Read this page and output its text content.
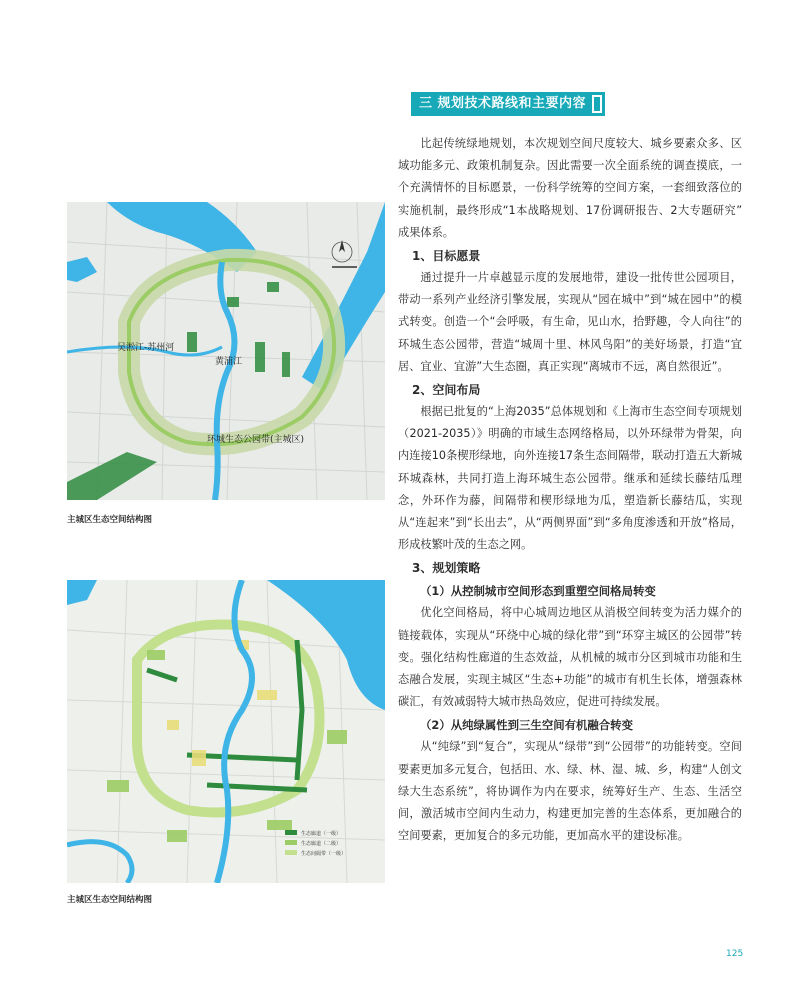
吴淞江-苏州河
黄浦江
环城生态公园带(主城区)
主城区生态空间结构图
生态廊道（一级）
生态廊道（二级）
生态间隔带（一级）
主城区生态空间结构图
三 规划技术路线和主要内容

比起传统绿地规划，本次规划空间尺度较大、城乡要素众多、区域功能多元、政策机制复杂。因此需要一次全面系统的调查摸底，一个充满情怀的目标愿景，一份科学统筹的空间方案，一套细致落位的实施机制，最终形成“1本战略规划、17份调研报告、2大专题研究” 成果体系。

1、目标愿景

通过提升一片卓越显示度的发展地带，建设一批传世公园项目，带动一系列产业经济引擎发展，实现从“园在城中”到“城在园中”的模式转变。创造一个“会呼吸，有生命，见山水，拾野趣，令人向往”的环城生态公园带，营造“城周十里、林风鸟阳”的美好场景，打造“宜居、宜业、宜游”大生态圈，真正实现“离城市不远，离自然很近”。

2、空间布局

根据已批复的“上海2035”总体规划和《上海市生态空间专项规划（2021-2035）》明确的市域生态网络格局，以外环绿带为骨架，向内连接10条楔形绿地，向外连接17条生态间隔带，联动打造五大新城环城森林，共同打造上海环城生态公园带。继承和延续长藤结瓜理念，外环作为藤，间隔带和楔形绿地为瓜，塑造新长藤结瓜，实现从“连起来”到“长出去”，从“两侧界面”到“多角度渗透和开放”格局，形成枝繁叶茂的生态之网。

3、规划策略
（1）从控制城市空间形态到重塑空间格局转变

优化空间格局，将中心城周边地区从消极空间转变为活力媒介的链接载体，实现从“环绕中心城的绿化带”到“环穿主城区的公园带”转变。强化结构性廊道的生态效益，从机械的城市分区到城市功能和生态融合发展，实现主城区“生态+功能”的城市有机生长体，增强森林碳汇，有效减弱特大城市热岛效应，促进可持续发展。

（2）从纯绿属性到三生空间有机融合转变

从“纯绿”到“复合”，实现从“绿带”到“公园带”的功能转变。空间要素更加多元复合，包括田、水、绿、林、湿、城、乡，构建“人创文绿大生态系统”，将协调作为内在要求，统筹好生产、生态、生活空间，激活城市空间内生动力，构建更加完善的生态体系，更加融合的空间要素，更加复合的多元功能，更加高水平的建设标准。

125
